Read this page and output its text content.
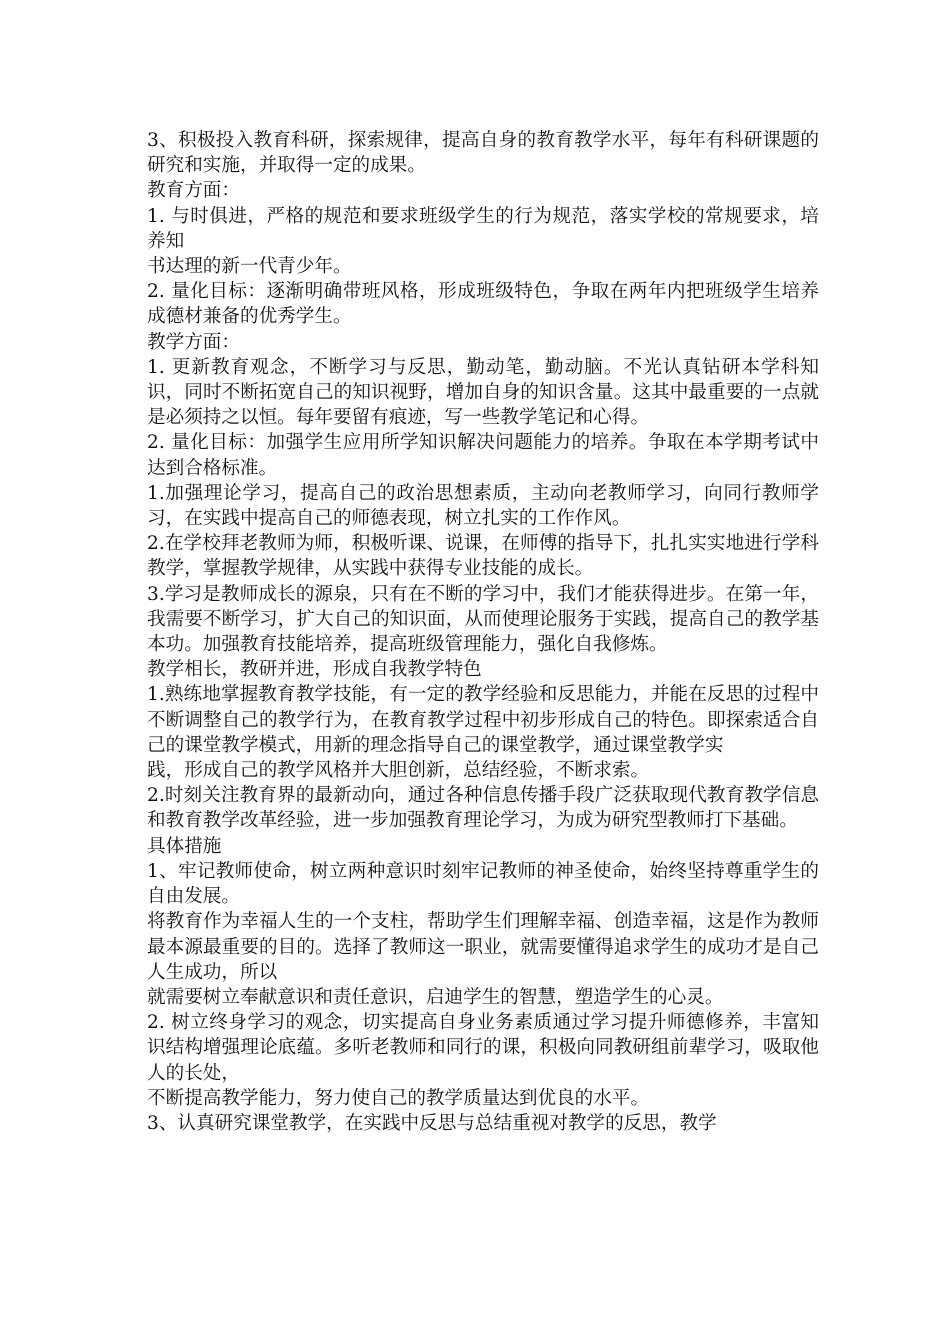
3、积极投入教育科研，探索规律，提高自身的教育教学水平，每年有科研课题的研究和实施，并取得一定的成果。

教育方面：

1. 与时俱进，严格的规范和要求班级学生的行为规范，落实学校的常规要求，培养知

书达理的新一代青少年。

2. 量化目标：逐渐明确带班风格，形成班级特色，争取在两年内把班级学生培养成德材兼备的优秀学生。

教学方面：

1. 更新教育观念，不断学习与反思，勤动笔，勤动脑。不光认真钻研本学科知识，同时不断拓宽自己的知识视野，增加自身的知识含量。这其中最重要的一点就是必须持之以恒。每年要留有痕迹，写一些教学笔记和心得。

2. 量化目标：加强学生应用所学知识解决问题能力的培养。争取在本学期考试中达到合格标准。

1.加强理论学习，提高自己的政治思想素质，主动向老教师学习，向同行教师学习，在实践中提高自己的师德表现，树立扎实的工作作风。

2.在学校拜老教师为师，积极听课、说课，在师傅的指导下，扎扎实实地进行学科教学，掌握教学规律，从实践中获得专业技能的成长。

3.学习是教师成长的源泉，只有在不断的学习中，我们才能获得进步。在第一年，我需要不断学习，扩大自己的知识面，从而使理论服务于实践，提高自己的教学基本功。加强教育技能培养，提高班级管理能力，强化自我修炼。

教学相长，教研并进，形成自我教学特色

1.熟练地掌握教育教学技能，有一定的教学经验和反思能力，并能在反思的过程中不断调整自己的教学行为，在教育教学过程中初步形成自己的特色。即探索适合自己的课堂教学模式，用新的理念指导自己的课堂教学，通过课堂教学实

践，形成自己的教学风格并大胆创新，总结经验，不断求索。

2.时刻关注教育界的最新动向，通过各种信息传播手段广泛获取现代教育教学信息和教育教学改革经验，进一步加强教育理论学习，为成为研究型教师打下基础。

具体措施

1、牢记教师使命，树立两种意识时刻牢记教师的神圣使命，始终坚持尊重学生的自由发展。

将教育作为幸福人生的一个支柱，帮助学生们理解幸福、创造幸福，这是作为教师最本源最重要的目的。选择了教师这一职业，就需要懂得追求学生的成功才是自己人生成功，所以

就需要树立奉献意识和责任意识，启迪学生的智慧，塑造学生的心灵。

2. 树立终身学习的观念，切实提高自身业务素质通过学习提升师德修养，丰富知识结构增强理论底蕴。多听老教师和同行的课，积极向同教研组前辈学习，吸取他人的长处，

不断提高教学能力，努力使自己的教学质量达到优良的水平。

3、认真研究课堂教学，在实践中反思与总结重视对教学的反思，教学
